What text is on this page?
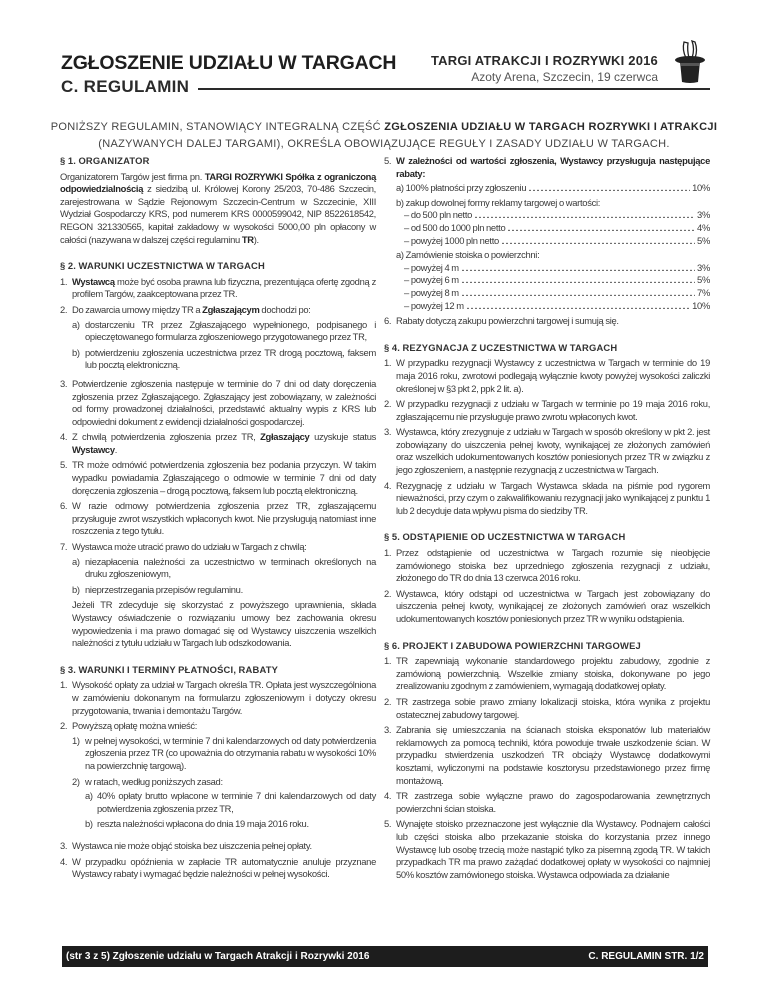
ZGŁOSZENIE UDZIAŁU W TARGACH
C. REGULAMIN
TARGI ATRAKCJI I ROZRYWKI 2016
Azoty Arena, Szczecin, 19 czerwca
PONIŻSZY REGULAMIN, STANOWIĄCY INTEGRALNĄ CZĘŚĆ ZGŁOSZENIA UDZIAŁU W TARGACH ROZRYWKI I ATRAKCJI (NAZYWANYCH DALEJ TARGAMI), OKREŚLA OBOWIĄZUJĄCE REGUŁY I ZASADY UDZIAŁU W TARGACH.
§ 1. ORGANIZATOR
Organizatorem Targów jest firma pn. TARGI ROZRYWKI Spółka z ograniczoną odpowiedzialnością z siedzibą ul. Królowej Korony 25/203, 70-486 Szczecin, zarejestrowana w Sądzie Rejonowym Szczecin-Centrum w Szczecinie, XIII Wydział Gospodarczy KRS, pod numerem KRS 0000599042, NIP 8522618542, REGON 321330565, kapitał zakładowy w wysokości 5000,00 pln opłacony w całości (nazywana w dalszej części regulaminu TR).
§ 2. WARUNKI UCZESTNICTWA W TARGACH
1. Wystawcą może być osoba prawna lub fizyczna, prezentująca ofertę zgodną z profilem Targów, zaakceptowana przez TR.
2. Do zawarcia umowy między TR a Zgłaszającym dochodzi po:
a) dostarczeniu TR przez Zgłaszającego wypełnionego, podpisanego i opieczętowanego formularza zgłoszeniowego przygotowanego przez TR,
b) potwierdzeniu zgłoszenia uczestnictwa przez TR drogą pocztową, faksem lub pocztą elektroniczną.
3. Potwierdzenie zgłoszenia następuje w terminie do 7 dni od daty doręczenia zgłoszenia przez Zgłaszającego. Zgłaszający jest zobowiązany, w zależności od formy prowadzonej działalności, przedstawić aktualny wypis z KRS lub odpowiedni dokument z ewidencji działalności gospodarczej.
4. Z chwilą potwierdzenia zgłoszenia przez TR, Zgłaszający uzyskuje status Wystawcy.
5. TR może odmówić potwierdzenia zgłoszenia bez podania przyczyn. W takim wypadku powiadamia Zgłaszającego o odmowie w terminie 7 dni od daty doręczenia zgłoszenia – drogą pocztową, faksem lub pocztą elektroniczną.
6. W razie odmowy potwierdzenia zgłoszenia przez TR, zgłaszającemu przysługuje zwrot wszystkich wpłaconych kwot. Nie przysługują natomiast inne roszczenia z tego tytułu.
7. Wystawca może utracić prawo do udziału w Targach z chwilą:
a) niezapłacenia należności za uczestnictwo w terminach określonych na druku zgłoszeniowym,
b) nieprzestrzegania przepisów regulaminu.
Jeżeli TR zdecyduje się skorzystać z powyższego uprawnienia, składa Wystawcy oświadczenie o rozwiązaniu umowy bez zachowania okresu wypowiedzenia i ma prawo domagać się od Wystawcy uiszczenia wszelkich należności z tytułu udziału w Targach lub odszkodowania.
§ 3. WARUNKI I TERMINY PŁATNOŚCI, RABATY
1. Wysokość opłaty za udział w Targach określa TR. Opłata jest wyszczególniona w zamówieniu dokonanym na formularzu zgłoszeniowym i dotyczy okresu przygotowania, trwania i demontażu Targów.
2. Powyższą opłatę można wnieść:
1) w pełnej wysokości, w terminie 7 dni kalendarzowych od daty potwierdzenia zgłoszenia przez TR (co upoważnia do otrzymania rabatu w wysokości 10% na powierzchnię targową).
2) w ratach, według poniższych zasad:
a) 40% opłaty brutto wpłacone w terminie 7 dni kalendarzowych od daty potwierdzenia zgłoszenia przez TR,
b) reszta należności wpłacona do dnia 19 maja 2016 roku.
3. Wystawca nie może objąć stoiska bez uiszczenia pełnej opłaty.
4. W przypadku opóźnienia w zapłacie TR automatycznie anuluje przyznane Wystawcy rabaty i wymagać będzie należności w pełnej wysokości.
5. W zależności od wartości zgłoszenia, Wystawcy przysługuja następujące rabaty:
a) 100% płatności przy zgłoszeniu	10%
b) zakup dowolnej formy reklamy targowej o wartości:
– do 500 pln netto	3%
– od 500 do 1000 pln netto	4%
– powyżej 1000 pln netto	5%
a) Zamówienie stoiska o powierzchni:
– powyżej 4 m	3%
– powyżej 6 m	5%
– powyżej 8 m	7%
– powyżej 12 m	10%
6. Rabaty dotyczą zakupu powierzchni targowej i sumują się.
§ 4. REZYGNACJA Z UCZESTNICTWA W TARGACH
1. W przypadku rezygnacji Wystawcy z uczestnictwa w Targach w terminie do 19 maja 2016 roku, zwrotowi podlegają wyłącznie kwoty powyżej wysokości zaliczki określonej w §3 pkt 2, ppk 2 lit. a).
2. W przypadku rezygnacji z udziału w Targach w terminie po 19 maja 2016 roku, zgłaszającemu nie przysługuje prawo zwrotu wpłaconych kwot.
3. Wystawca, który zrezygnuje z udziału w Targach w sposób określony w pkt 2. jest zobowiązany do uiszczenia pełnej kwoty, wynikającej ze złożonych zamówień oraz wszelkich udokumentowanych kosztów poniesionych przez TR w związku z jego zgłoszeniem, a następnie rezygnacją z uczestnictwa w Targach.
4. Rezygnację z udziału w Targach Wystawca składa na piśmie pod rygorem nieważności, przy czym o zakwalifikowaniu rezygnacji jako wynikającej z punktu 1 lub 2 decyduje data wpływu pisma do siedziby TR.
§ 5. ODSTĄPIENIE OD UCZESTNICTWA W TARGACH
1. Przez odstąpienie od uczestnictwa w Targach rozumie się nieobjęcie zamówionego stoiska bez uprzedniego zgłoszenia rezygnacji z udziału, złożonego do TR do dnia 13 czerwca 2016 roku.
2. Wystawca, który odstąpi od uczestnictwa w Targach jest zobowiązany do uiszczenia pełnej kwoty, wynikającej ze złożonych zamówień oraz wszelkich udokumentowanych kosztów poniesionych przez TR w wyniku odstąpienia.
§ 6. PROJEKT I ZABUDOWA POWIERZCHNI TARGOWEJ
1. TR zapewniają wykonanie standardowego projektu zabudowy, zgodnie z zamówioną powierzchnią. Wszelkie zmiany stoiska, dokonywane po jego zrealizowaniu zgodnym z zamówieniem, wymagają dodatkowej opłaty.
2. TR zastrzega sobie prawo zmiany lokalizacji stoiska, która wynika z projektu ostatecznej zabudowy targowej.
3. Zabrania się umieszczania na ścianach stoiska eksponatów lub materiałów reklamowych za pomocą techniki, która powoduje trwałe uszkodzenie ścian. W przypadku stwierdzenia uszkodzeń TR obciąży Wystawcę dodatkowymi kosztami, wyliczonymi na podstawie kosztorysu przedstawionego przez firmę montażową.
4. TR zastrzega sobie wyłączne prawo do zagospodarowania zewnętrznych powierzchni ścian stoiska.
5. Wynajęte stoisko przeznaczone jest wyłącznie dla Wystawcy. Podnajem całości lub części stoiska albo przekazanie stoiska do korzystania przez innego Wystawcę lub osobę trzecią może nastąpić tylko za pisemną zgodą TR. W takich przypadkach TR ma prawo zażądać dodatkowej opłaty w wysokości co najmniej 50% kosztów zamówionego stoiska. Wystawca odpowiada za działanie
(str 3 z 5) Zgłoszenie udziału w Targach Atrakcji i Rozrywki 2016	C. REGULAMIN STR. 1/2
